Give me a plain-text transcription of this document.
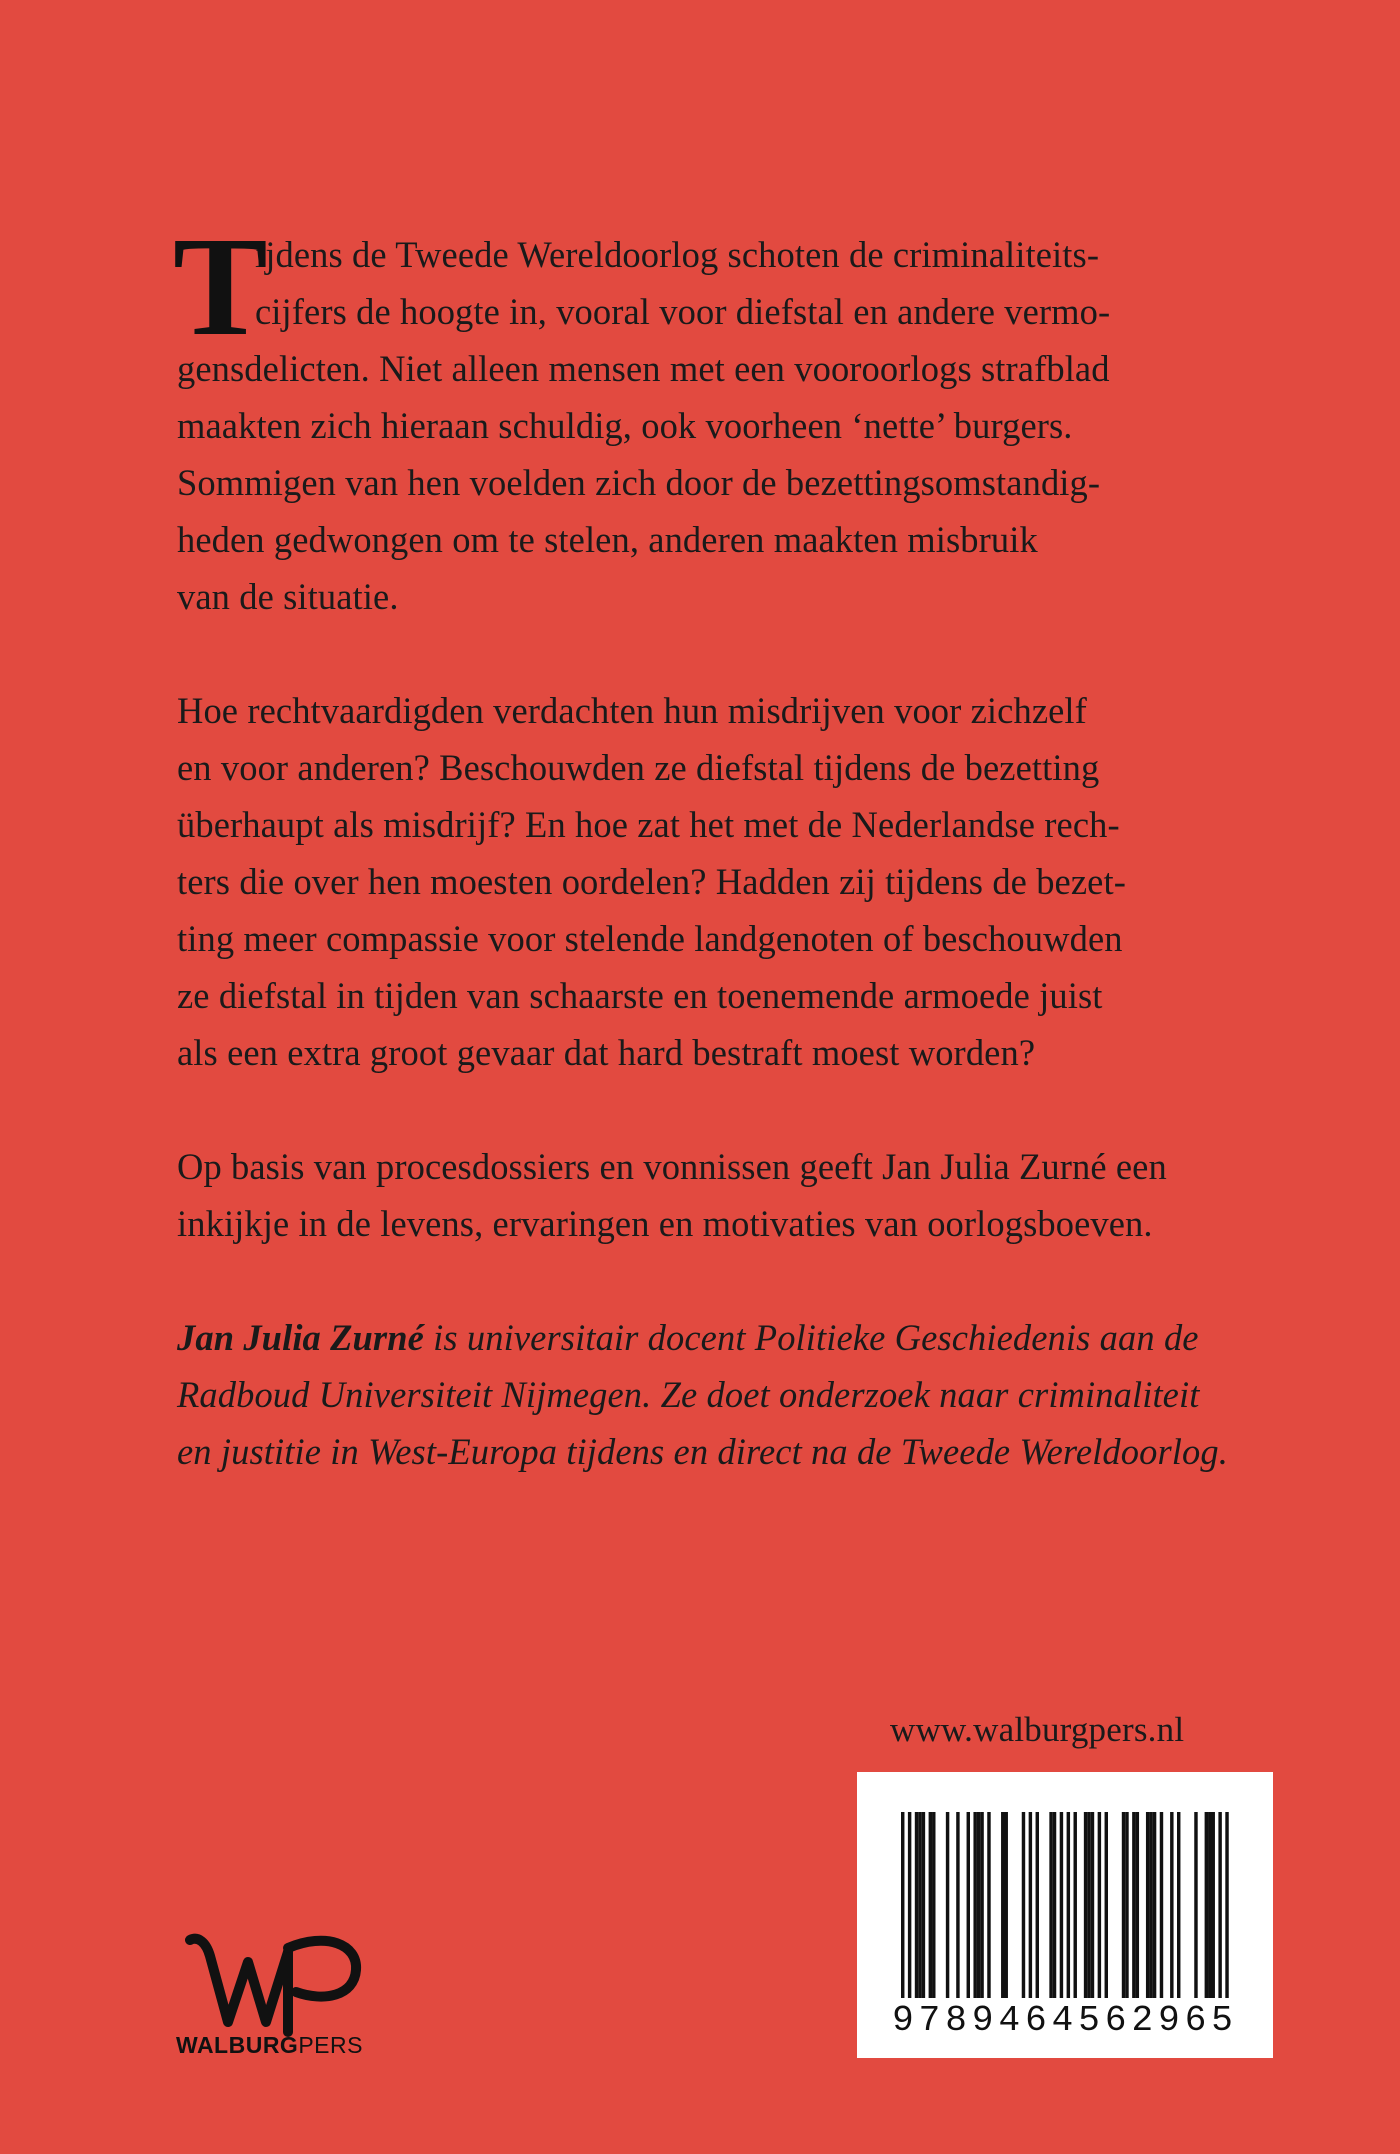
T
ijdens de Tweede Wereldoorlog schoten de criminaliteits-
cijfers de hoogte in, vooral voor diefstal en andere vermo-
gensdelicten. Niet alleen mensen met een vooroorlogs strafblad
maakten zich hieraan schuldig, ook voorheen ‘nette’ burgers.
Sommigen van hen voelden zich door de bezettingsomstandig-
heden gedwongen om te stelen, anderen maakten misbruik
van de situatie.
Hoe rechtvaardigden verdachten hun misdrijven voor zichzelf
en voor anderen? Beschouwden ze diefstal tijdens de bezetting
überhaupt als misdrijf? En hoe zat het met de Nederlandse rech-
ters die over hen moesten oordelen? Hadden zij tijdens de bezet-
ting meer compassie voor stelende landgenoten of beschouwden
ze diefstal in tijden van schaarste en toenemende armoede juist
als een extra groot gevaar dat hard bestraft moest worden?
Op basis van procesdossiers en vonnissen geeft Jan Julia Zurné een
inkijkje in de levens, ervaringen en motivaties van oorlogsboeven.
Jan Julia Zurné is universitair docent Politieke Geschiedenis aan de
Radboud Universiteit Nijmegen. Ze doet onderzoek naar criminaliteit
en justitie in West-Europa tijdens en direct na de Tweede Wereldoorlog.
www.walburgpers.nl
9789464562965
WALBURGPERS
